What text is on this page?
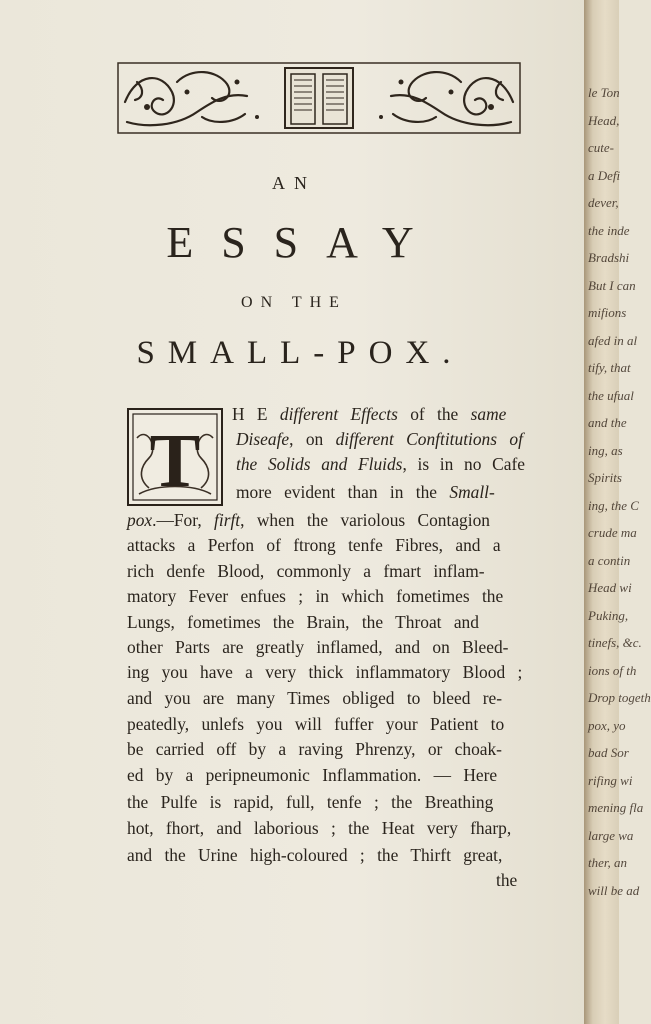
AN
ESSAY
ON THE
SMALL-POX.
T
H E different Effects of the same
Diseafe, on different Conftitutions of
the Solids and Fluids, is in no Cafe
more evident than in the Small-
pox.—For, firft, when the variolous Contagion
attacks a Perfon of ftrong tenfe Fibres, and a
rich denfe Blood, commonly a fmart inflam-
matory Fever enfues ; in which fometimes the
Lungs, fometimes the Brain, the Throat and
other Parts are greatly inflamed, and on Bleed-
ing you have a very thick inflammatory Blood ;
and you are many Times obliged to bleed re-
peatedly, unlefs you will fuffer your Patient to
be carried off by a raving Phrenzy, or choak-
ed by a peripneumonic Inflammation. — Here
the Pulfe is rapid, full, tenfe ; the Breathing
hot, fhort, and laborious ; the Heat very fharp,
and the Urine high-coloured ; the Thirft great,
the
le Ton
Head,
cute-
a Defi
dever,
the inde
Bradshi
But I can
mifions
afed in al
tify, that
the ufual
and the
ing, as
Spirits
ing, the C
crude ma
a contin
Head wi
Puking,
tinefs, &c.
ions of th
Drop togeth
pox, yo
bad Sor
rifing wi
mening fla
large wa
ther, an
will be ad
